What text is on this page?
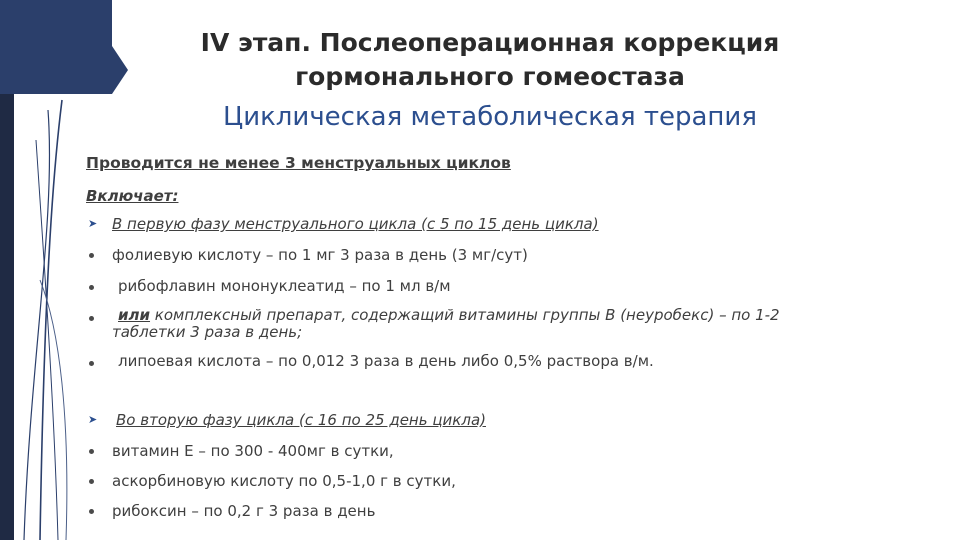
IV этап. Послеоперационная коррекция гормонального гомеостаза
Циклическая метаболическая терапия
Проводится не менее 3 менструальных циклов
Включает:
➤ В первую фазу менструального цикла (с 5 по 15 день цикла)
фолиевую кислоту – по 1 мг 3 раза в день (3 мг/сут)
рибофлавин мононуклеатид – по 1 мл в/м
или комплексный препарат, содержащий витамины группы В (неуробекс) – по 1-2
таблетки 3 раза в день;
липоевая кислота – по 0,012 3 раза в день либо 0,5% раствора в/м.
➤ Во вторую фазу цикла (с 16 по 25 день цикла)
витамин Е – по 300 - 400мг в сутки,
аскорбиновую кислоту по 0,5-1,0 г в сутки,
рибоксин – по 0,2 г 3 раза в день
